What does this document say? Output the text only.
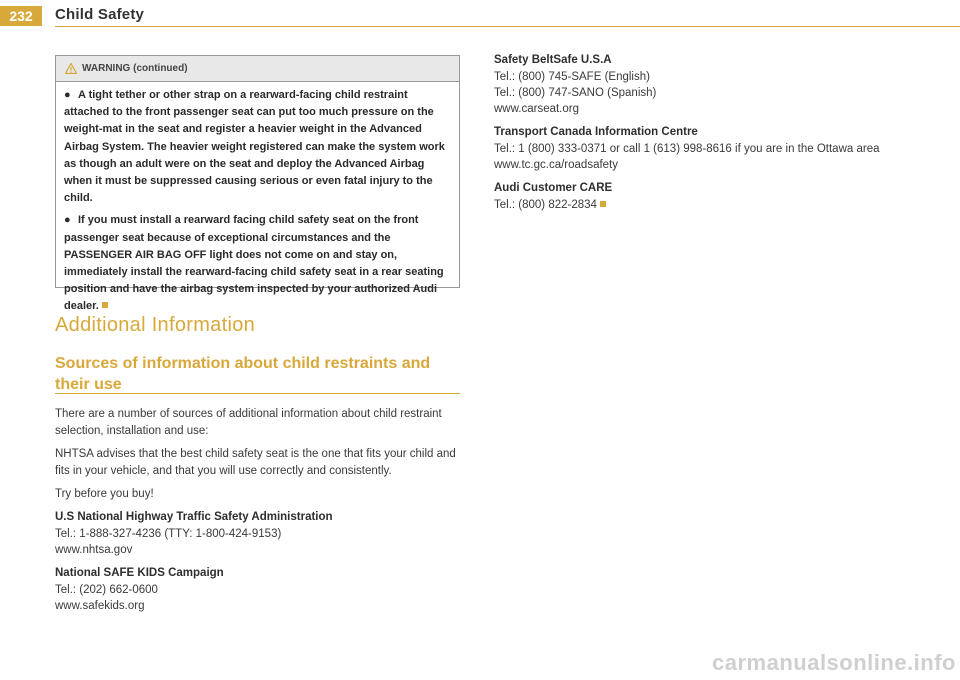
232	Child Safety
WARNING (continued)

● A tight tether or other strap on a rearward-facing child restraint attached to the front passenger seat can put too much pressure on the weight-mat in the seat and register a heavier weight in the Advanced Airbag System. The heavier weight registered can make the system work as though an adult were on the seat and deploy the Advanced Airbag when it must be suppressed causing serious or even fatal injury to the child.

● If you must install a rearward facing child safety seat on the front passenger seat because of exceptional circumstances and the PASSENGER AIR BAG OFF light does not come on and stay on, immediately install the rearward-facing child safety seat in a rear seating position and have the airbag system inspected by your authorized Audi dealer.

Additional Information
Sources of information about child restraints and their use

There are a number of sources of additional information about child restraint selection, installation and use:

NHTSA advises that the best child safety seat is the one that fits your child and fits in your vehicle, and that you will use correctly and consistently.

Try before you buy!

U.S National Highway Traffic Safety Administration

Tel.: 1-888-327-4236 (TTY: 1-800-424-9153)

www.nhtsa.gov

National SAFE KIDS Campaign

Tel.: (202) 662-0600

www.safekids.org

Safety BeltSafe U.S.A

Tel.: (800) 745-SAFE (English)

Tel.: (800) 747-SANO (Spanish)

www.carseat.org

Transport Canada Information Centre

Tel.: 1 (800) 333-0371 or call 1 (613) 998-8616 if you are in the Ottawa area

www.tc.gc.ca/roadsafety

Audi Customer CARE

Tel.: (800) 822-2834

carmanualsonline.info
